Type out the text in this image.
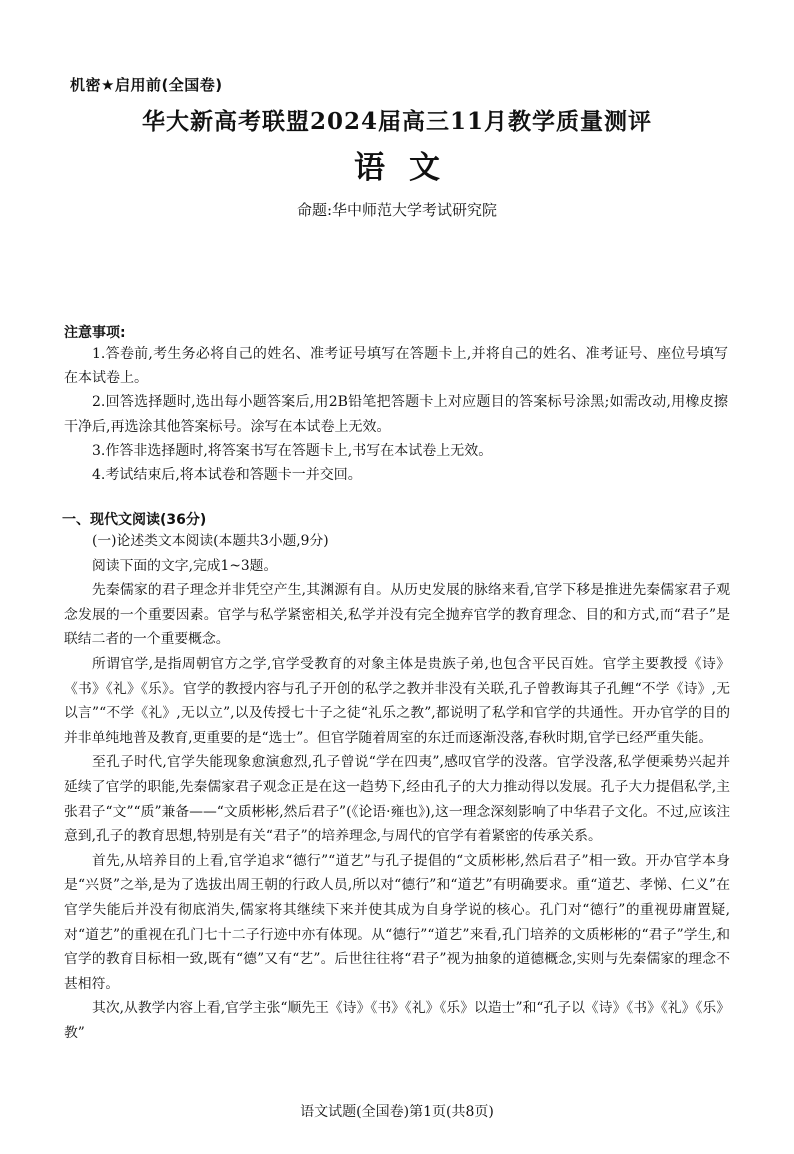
机密★启用前(全国卷)
华大新高考联盟2024届高三11月教学质量测评
语文
命题:华中师范大学考试研究院
注意事项:

1.答卷前,考生务必将自己的姓名、准考证号填写在答题卡上,并将自己的姓名、准考证号、座位号填写在本试卷上。

2.回答选择题时,选出每小题答案后,用2B铅笔把答题卡上对应题目的答案标号涂黑;如需改动,用橡皮擦干净后,再选涂其他答案标号。涂写在本试卷上无效。

3.作答非选择题时,将答案书写在答题卡上,书写在本试卷上无效。

4.考试结束后,将本试卷和答题卡一并交回。

一、现代文阅读(36分)

(一)论述类文本阅读(本题共3小题,9分)

阅读下面的文字,完成1~3题。

先秦儒家的君子理念并非凭空产生,其渊源有自。从历史发展的脉络来看,官学下移是推进先秦儒家君子观念发展的一个重要因素。官学与私学紧密相关,私学并没有完全抛弃官学的教育理念、目的和方式,而“君子”是联结二者的一个重要概念。

所谓官学,是指周朝官方之学,官学受教育的对象主体是贵族子弟,也包含平民百姓。官学主要教授《诗》《书》《礼》《乐》。官学的教授内容与孔子开创的私学之教并非没有关联,孔子曾教诲其子孔鲤“不学《诗》,无以言”“不学《礼》,无以立”,以及传授七十子之徒“礼乐之教”,都说明了私学和官学的共通性。开办官学的目的并非单纯地普及教育,更重要的是“选士”。但官学随着周室的东迁而逐渐没落,春秋时期,官学已经严重失能。

至孔子时代,官学失能现象愈演愈烈,孔子曾说“学在四夷”,感叹官学的没落。官学没落,私学便乘势兴起并延续了官学的职能,先秦儒家君子观念正是在这一趋势下,经由孔子的大力推动得以发展。孔子大力提倡私学,主张君子“文”“质”兼备——“文质彬彬,然后君子”(《论语·雍也》),这一理念深刻影响了中华君子文化。不过,应该注意到,孔子的教育思想,特别是有关“君子”的培养理念,与周代的官学有着紧密的传承关系。

首先,从培养目的上看,官学追求“德行”“道艺”与孔子提倡的“文质彬彬,然后君子”相一致。开办官学本身是“兴贤”之举,是为了选拔出周王朝的行政人员,所以对“德行”和“道艺”有明确要求。重“道艺、孝悌、仁义”在官学失能后并没有彻底消失,儒家将其继续下来并使其成为自身学说的核心。孔门对“德行”的重视毋庸置疑,对“道艺”的重视在孔门七十二子行迹中亦有体现。从“德行”“道艺”来看,孔门培养的文质彬彬的“君子”学生,和官学的教育目标相一致,既有“德”又有“艺”。后世往往将“君子”视为抽象的道德概念,实则与先秦儒家的理念不甚相符。

其次,从教学内容上看,官学主张“顺先王《诗》《书》《礼》《乐》以造士”和“孔子以《诗》《书》《礼》《乐》教”

语文试题(全国卷)第1页(共8页)
